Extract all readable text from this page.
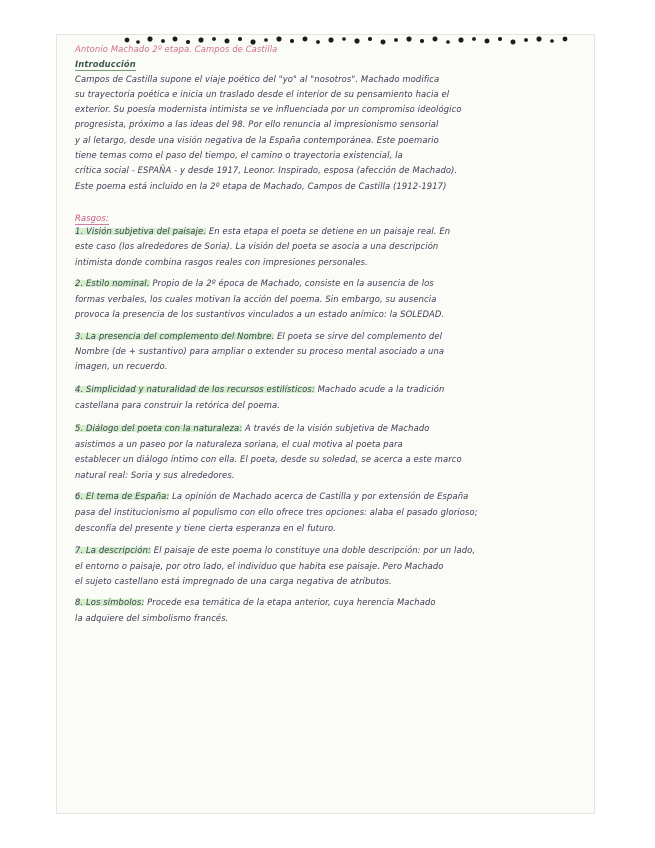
Antonio Machado 2º etapa. Campos de Castilla
Introducción
Campos de Castilla supone el viaje poético del "yo" al "nosotros". Machado modifica
su trayectoria poética e inicia un traslado desde el interior de su pensamiento hacia el
exterior. Su poesía modernista intimista se ve influenciada por un compromiso ideológico
progresista, próximo a las ideas del 98. Por ello renuncia al impresionismo sensorial
y al letargo, desde una visión negativa de la España contemporánea. Este poemario
tiene temas como el paso del tiempo, el camino o trayectoria existencial, la
crítica social - ESPAÑA - y desde 1917, Leonor. Inspirado, esposa (afección de Machado).
Este poema está incluido en la 2º etapa de Machado, Campos de Castilla (1912-1917)
Rasgos:
1. Visión subjetiva del paisaje. En esta etapa el poeta se detiene en un paisaje real. En
este caso (los alrededores de Soria). La visión del poeta se asocia a una descripción
intimista donde combina rasgos reales con impresiones personales.
2. Estilo nominal. Propio de la 2º época de Machado, consiste en la ausencia de los
formas verbales, los cuales motivan la acción del poema. Sin embargo, su ausencia
provoca la presencia de los sustantivos vinculados a un estado anímico: la SOLEDAD.
3. La presencia del complemento del Nombre. El poeta se sirve del complemento del
Nombre (de + sustantivo) para ampliar o extender su proceso mental asociado a una
imagen, un recuerdo.
4. Simplicidad y naturalidad de los recursos estilísticos: Machado acude a la tradición
castellana para construir la retórica del poema.
5. Diálogo del poeta con la naturaleza: A través de la visión subjetiva de Machado
asistimos a un paseo por la naturaleza soriana, el cual motiva al poeta para
establecer un diálogo íntimo con ella. El poeta, desde su soledad, se acerca a este marco
natural real: Soria y sus alrededores.
6. El tema de España: La opinión de Machado acerca de Castilla y por extensión de España
pasa del institucionismo al populismo con ello ofrece tres opciones: alaba el pasado glorioso;
desconfía del presente y tiene cierta esperanza en el futuro.
7. La descripción: El paisaje de este poema lo constituye una doble descripción: por un lado,
el entorno o paisaje, por otro lado, el individuo que habita ese paisaje. Pero Machado
el sujeto castellano está impregnado de una carga negativa de atributos.
8. Los símbolos: Procede esa temática de la etapa anterior, cuya herencia Machado
la adquiere del simbolismo francés.
